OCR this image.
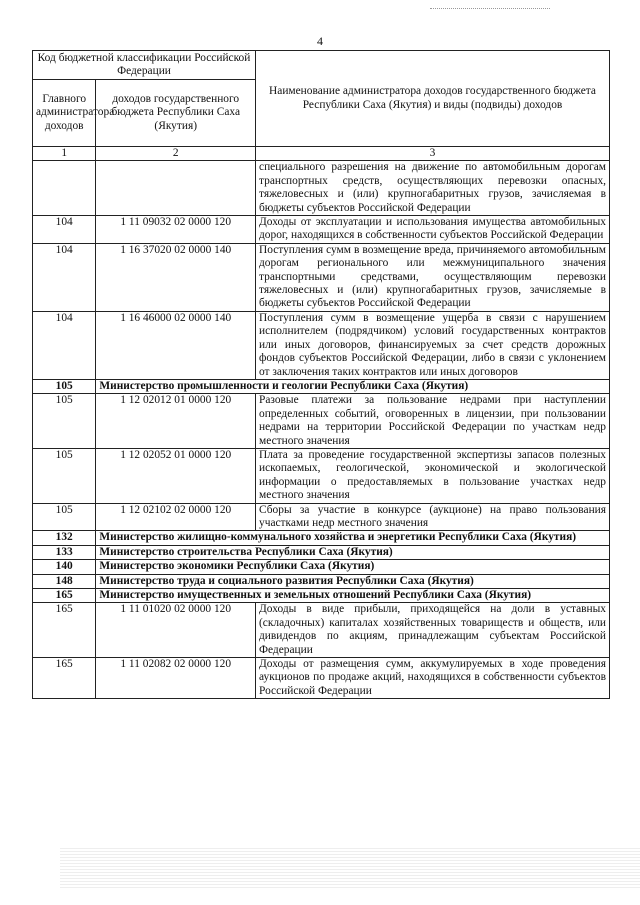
4
Код бюджетной классификации Российской Федерации		Наименование администратора доходов государственного бюджета Республики Саха (Якутия) и виды (подвиды) доходов
Главного администратора доходов	доходов государственного бюджета Республики Саха (Якутия)	
1	2	3
		специального разрешения на движение по автомобильным дорогам транспортных средств, осуществляющих перевозки опасных, тяжеловесных и (или) крупногабаритных грузов, зачисляемая в бюджеты субъектов Российской Федерации
104	1 11 09032 02 0000 120	Доходы от эксплуатации и использования имущества автомобильных дорог, находящихся в собственности субъектов Российской Федерации
104	1 16 37020 02 0000 140	Поступления сумм в возмещение вреда, причиняемого автомобильным дорогам регионального или межмуниципального значения транспортными средствами, осуществляющим перевозки тяжеловесных и (или) крупногабаритных грузов, зачисляемые в бюджеты субъектов Российской Федерации
104	1 16 46000 02 0000 140	Поступления сумм в возмещение ущерба в связи с нарушением исполнителем (подрядчиком) условий государственных контрактов или иных договоров, финансируемых за счет средств дорожных фондов субъектов Российской Федерации, либо в связи с уклонением от заключения таких контрактов или иных договоров
105	Министерство промышленности и геологии Республики Саха (Якутия)	
105	1 12 02012 01 0000 120	Разовые платежи за пользование недрами при наступлении определенных событий, оговоренных в лицензии, при пользовании недрами на территории Российской Федерации по участкам недр местного значения
105	1 12 02052 01 0000 120	Плата за проведение государственной экспертизы запасов полезных ископаемых, геологической, экономической и экологической информации о предоставляемых в пользование участках недр местного значения
105	1 12 02102 02 0000 120	Сборы за участие в конкурсе (аукционе) на право пользования участками недр местного значения
132	Министерство жилищно-коммунального хозяйства и энергетики Республики Саха (Якутия)	
133	Министерство строительства Республики Саха (Якутия)	
140	Министерство экономики Республики Саха (Якутия)	
148	Министерство труда и социального развития Республики Саха (Якутия)	
165	Министерство имущественных и земельных отношений Республики Саха (Якутия)	
165	1 11 01020 02 0000 120	Доходы в виде прибыли, приходящейся на доли в уставных (складочных) капиталах хозяйственных товариществ и обществ, или дивидендов по акциям, принадлежащим субъектам Российской Федерации
165	1 11 02082 02 0000 120	Доходы от размещения сумм, аккумулируемых в ходе проведения аукционов по продаже акций, находящихся в собственности субъектов Российской Федерации
